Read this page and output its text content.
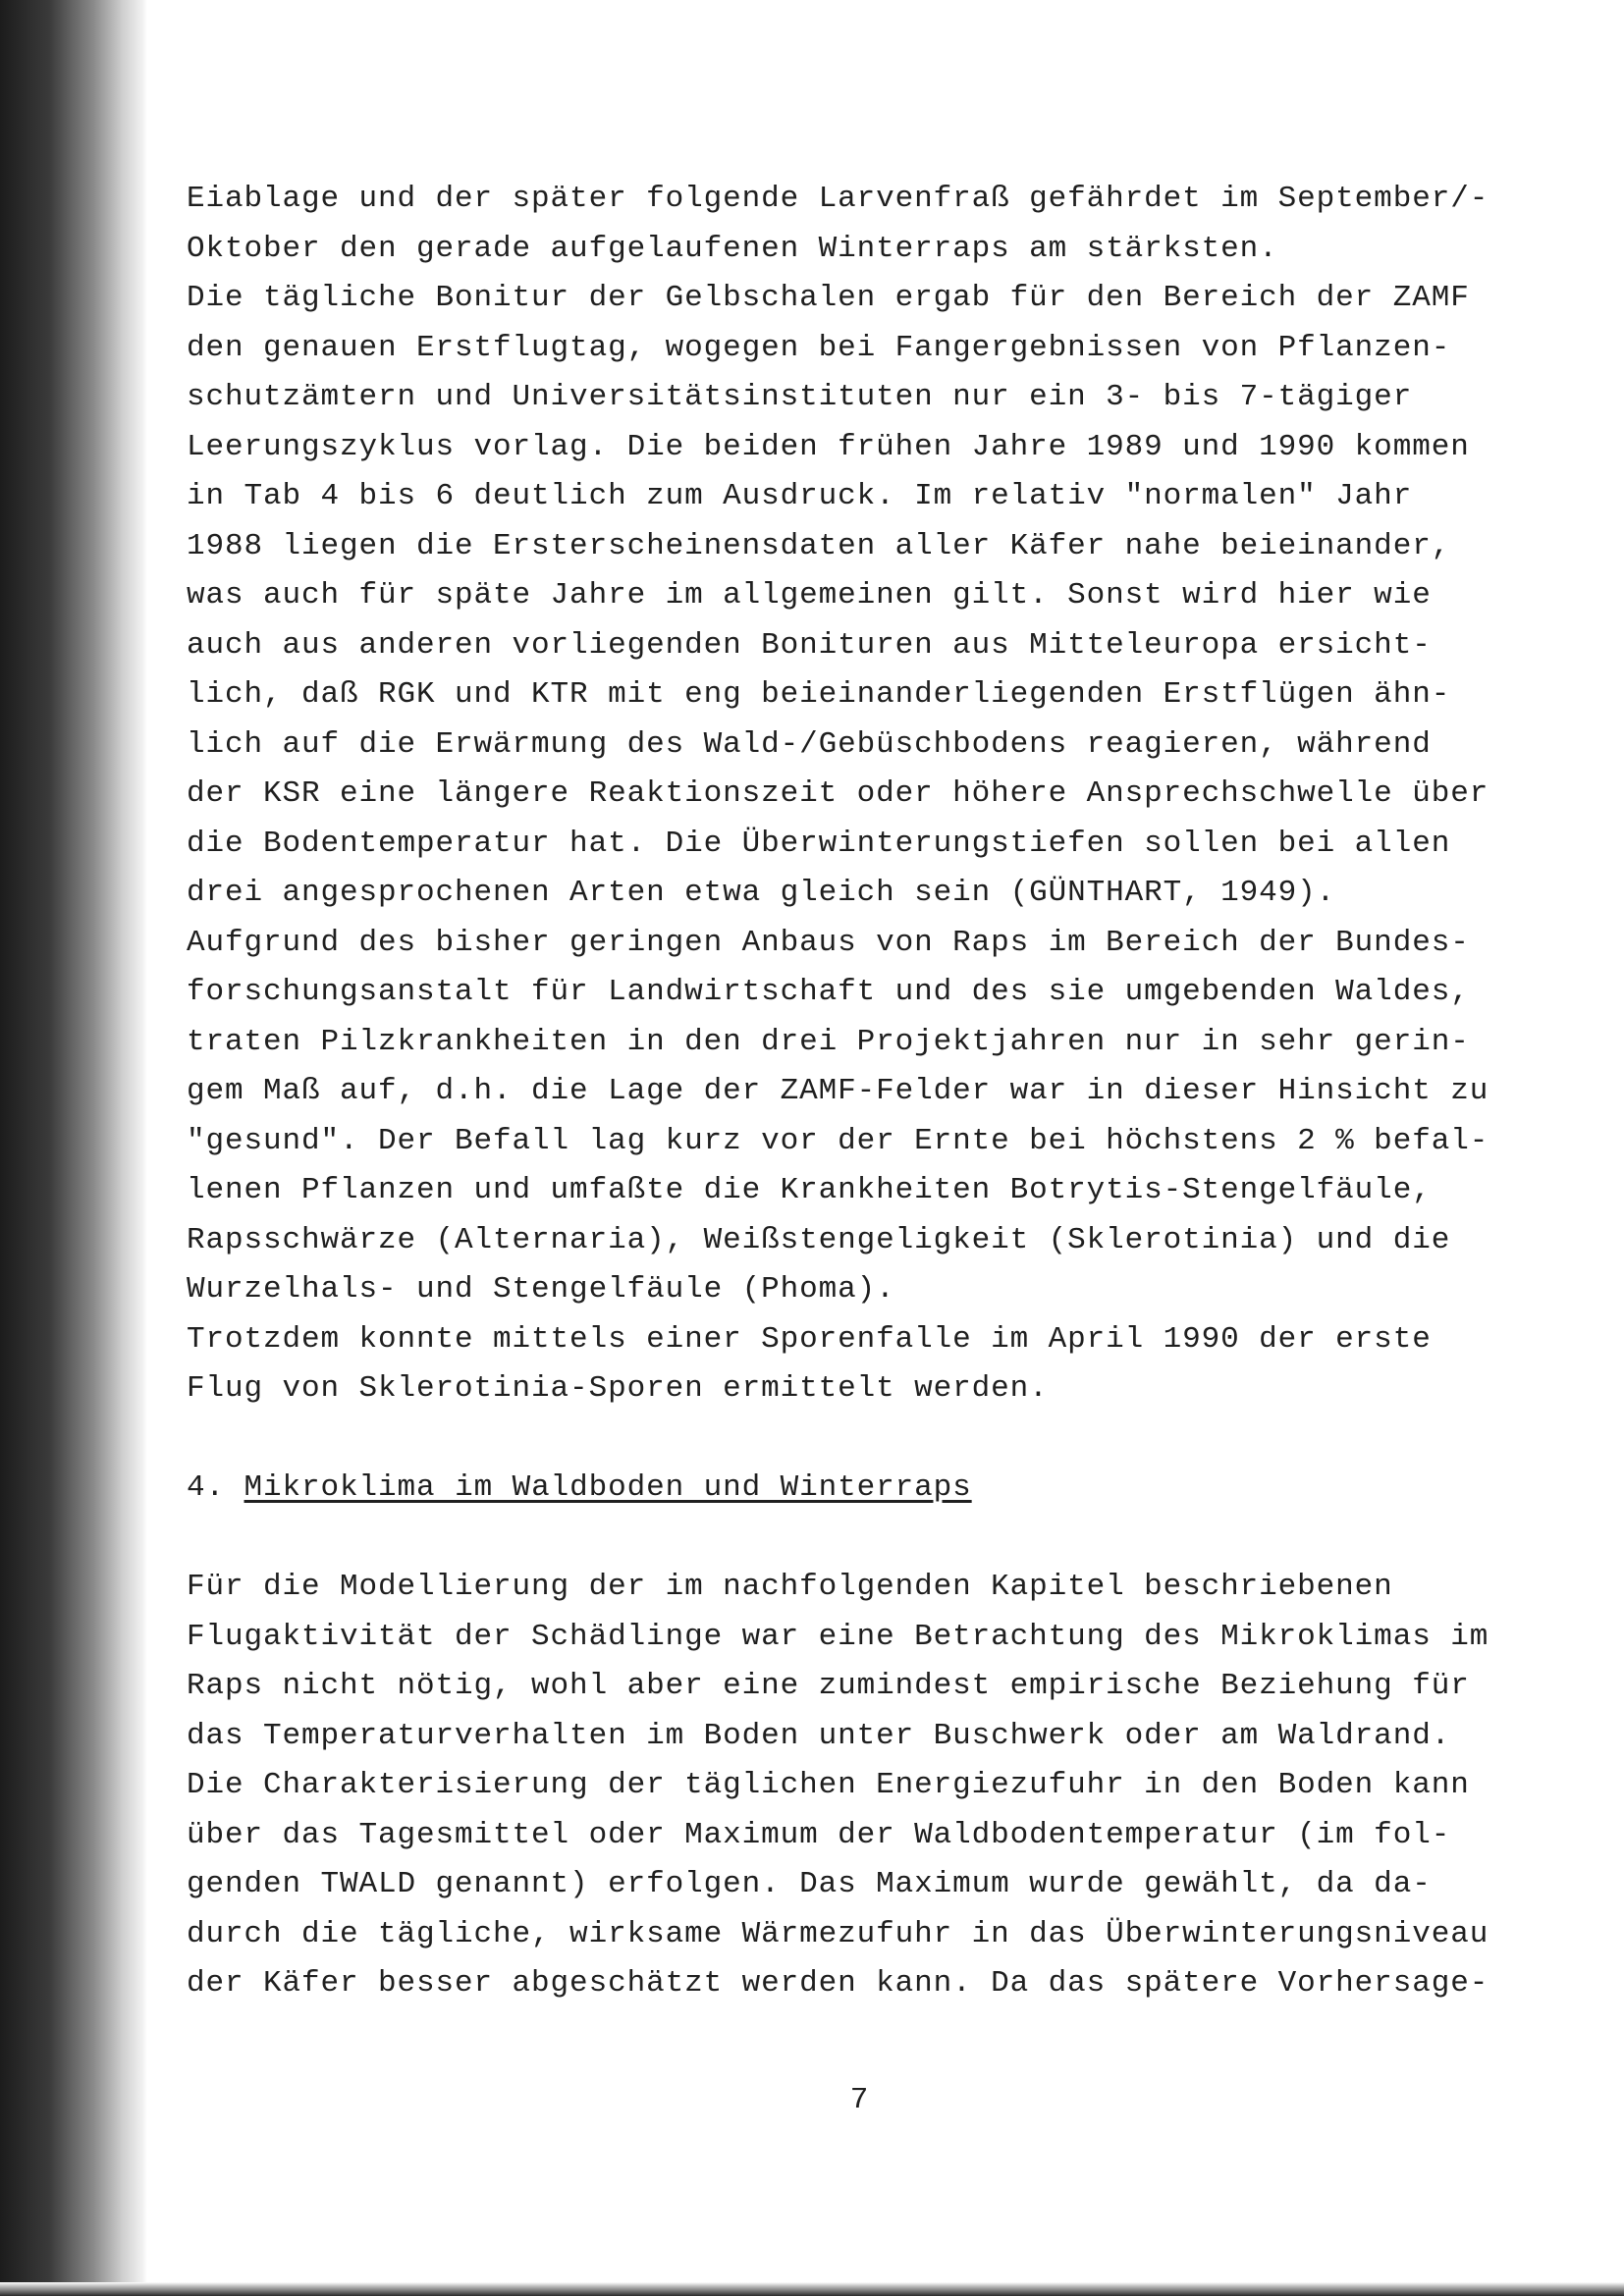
Eiablage und der später folgende Larvenfraß gefährdet im September/-
Oktober den gerade aufgelaufenen Winterraps am stärksten.
Die tägliche Bonitur der Gelbschalen ergab für den Bereich der ZAMF
den genauen Erstflugtag, wogegen bei Fangergebnissen von Pflanzen-
schutzämtern und Universitätsinstituten nur ein 3- bis 7-tägiger
Leerungszyklus vorlag. Die beiden frühen Jahre 1989 und 1990 kommen
in Tab 4 bis 6 deutlich zum Ausdruck. Im relativ "normalen" Jahr
1988 liegen die Ersterscheinensdaten aller Käfer nahe beieinander,
was auch für späte Jahre im allgemeinen gilt. Sonst wird hier wie
auch aus anderen vorliegenden Bonituren aus Mitteleuropa ersicht-
lich, daß RGK und KTR mit eng beieinanderliegenden Erstflügen ähn-
lich auf die Erwärmung des Wald-/Gebüschbodens reagieren, während
der KSR eine längere Reaktionszeit oder höhere Ansprechschwelle über
die Bodentemperatur hat. Die Überwinterungstiefen sollen bei allen
drei angesprochenen Arten etwa gleich sein (GÜNTHART, 1949).
Aufgrund des bisher geringen Anbaus von Raps im Bereich der Bundes-
forschungsanstalt für Landwirtschaft und des sie umgebenden Waldes,
traten Pilzkrankheiten in den drei Projektjahren nur in sehr gerin-
gem Maß auf, d.h. die Lage der ZAMF-Felder war in dieser Hinsicht zu
"gesund". Der Befall lag kurz vor der Ernte bei höchstens 2 % befal-
lenen Pflanzen und umfaßte die Krankheiten Botrytis-Stengelfäule,
Rapsschwärze (Alternaria), Weißstengeligkeit (Sklerotinia) und die
Wurzelhals- und Stengelfäule (Phoma).
Trotzdem konnte mittels einer Sporenfalle im April 1990 der erste
Flug von Sklerotinia-Sporen ermittelt werden.
4. Mikroklima im Waldboden und Winterraps
Für die Modellierung der im nachfolgenden Kapitel beschriebenen
Flugaktivität der Schädlinge war eine Betrachtung des Mikroklimas im
Raps nicht nötig, wohl aber eine zumindest empirische Beziehung für
das Temperaturverhalten im Boden unter Buschwerk oder am Waldrand.
Die Charakterisierung der täglichen Energiezufuhr in den Boden kann
über das Tagesmittel oder Maximum der Waldbodentemperatur (im fol-
genden TWALD genannt) erfolgen. Das Maximum wurde gewählt, da da-
durch die tägliche, wirksame Wärmezufuhr in das Überwinterungsniveau
der Käfer besser abgeschätzt werden kann. Da das spätere Vorhersage-
7
